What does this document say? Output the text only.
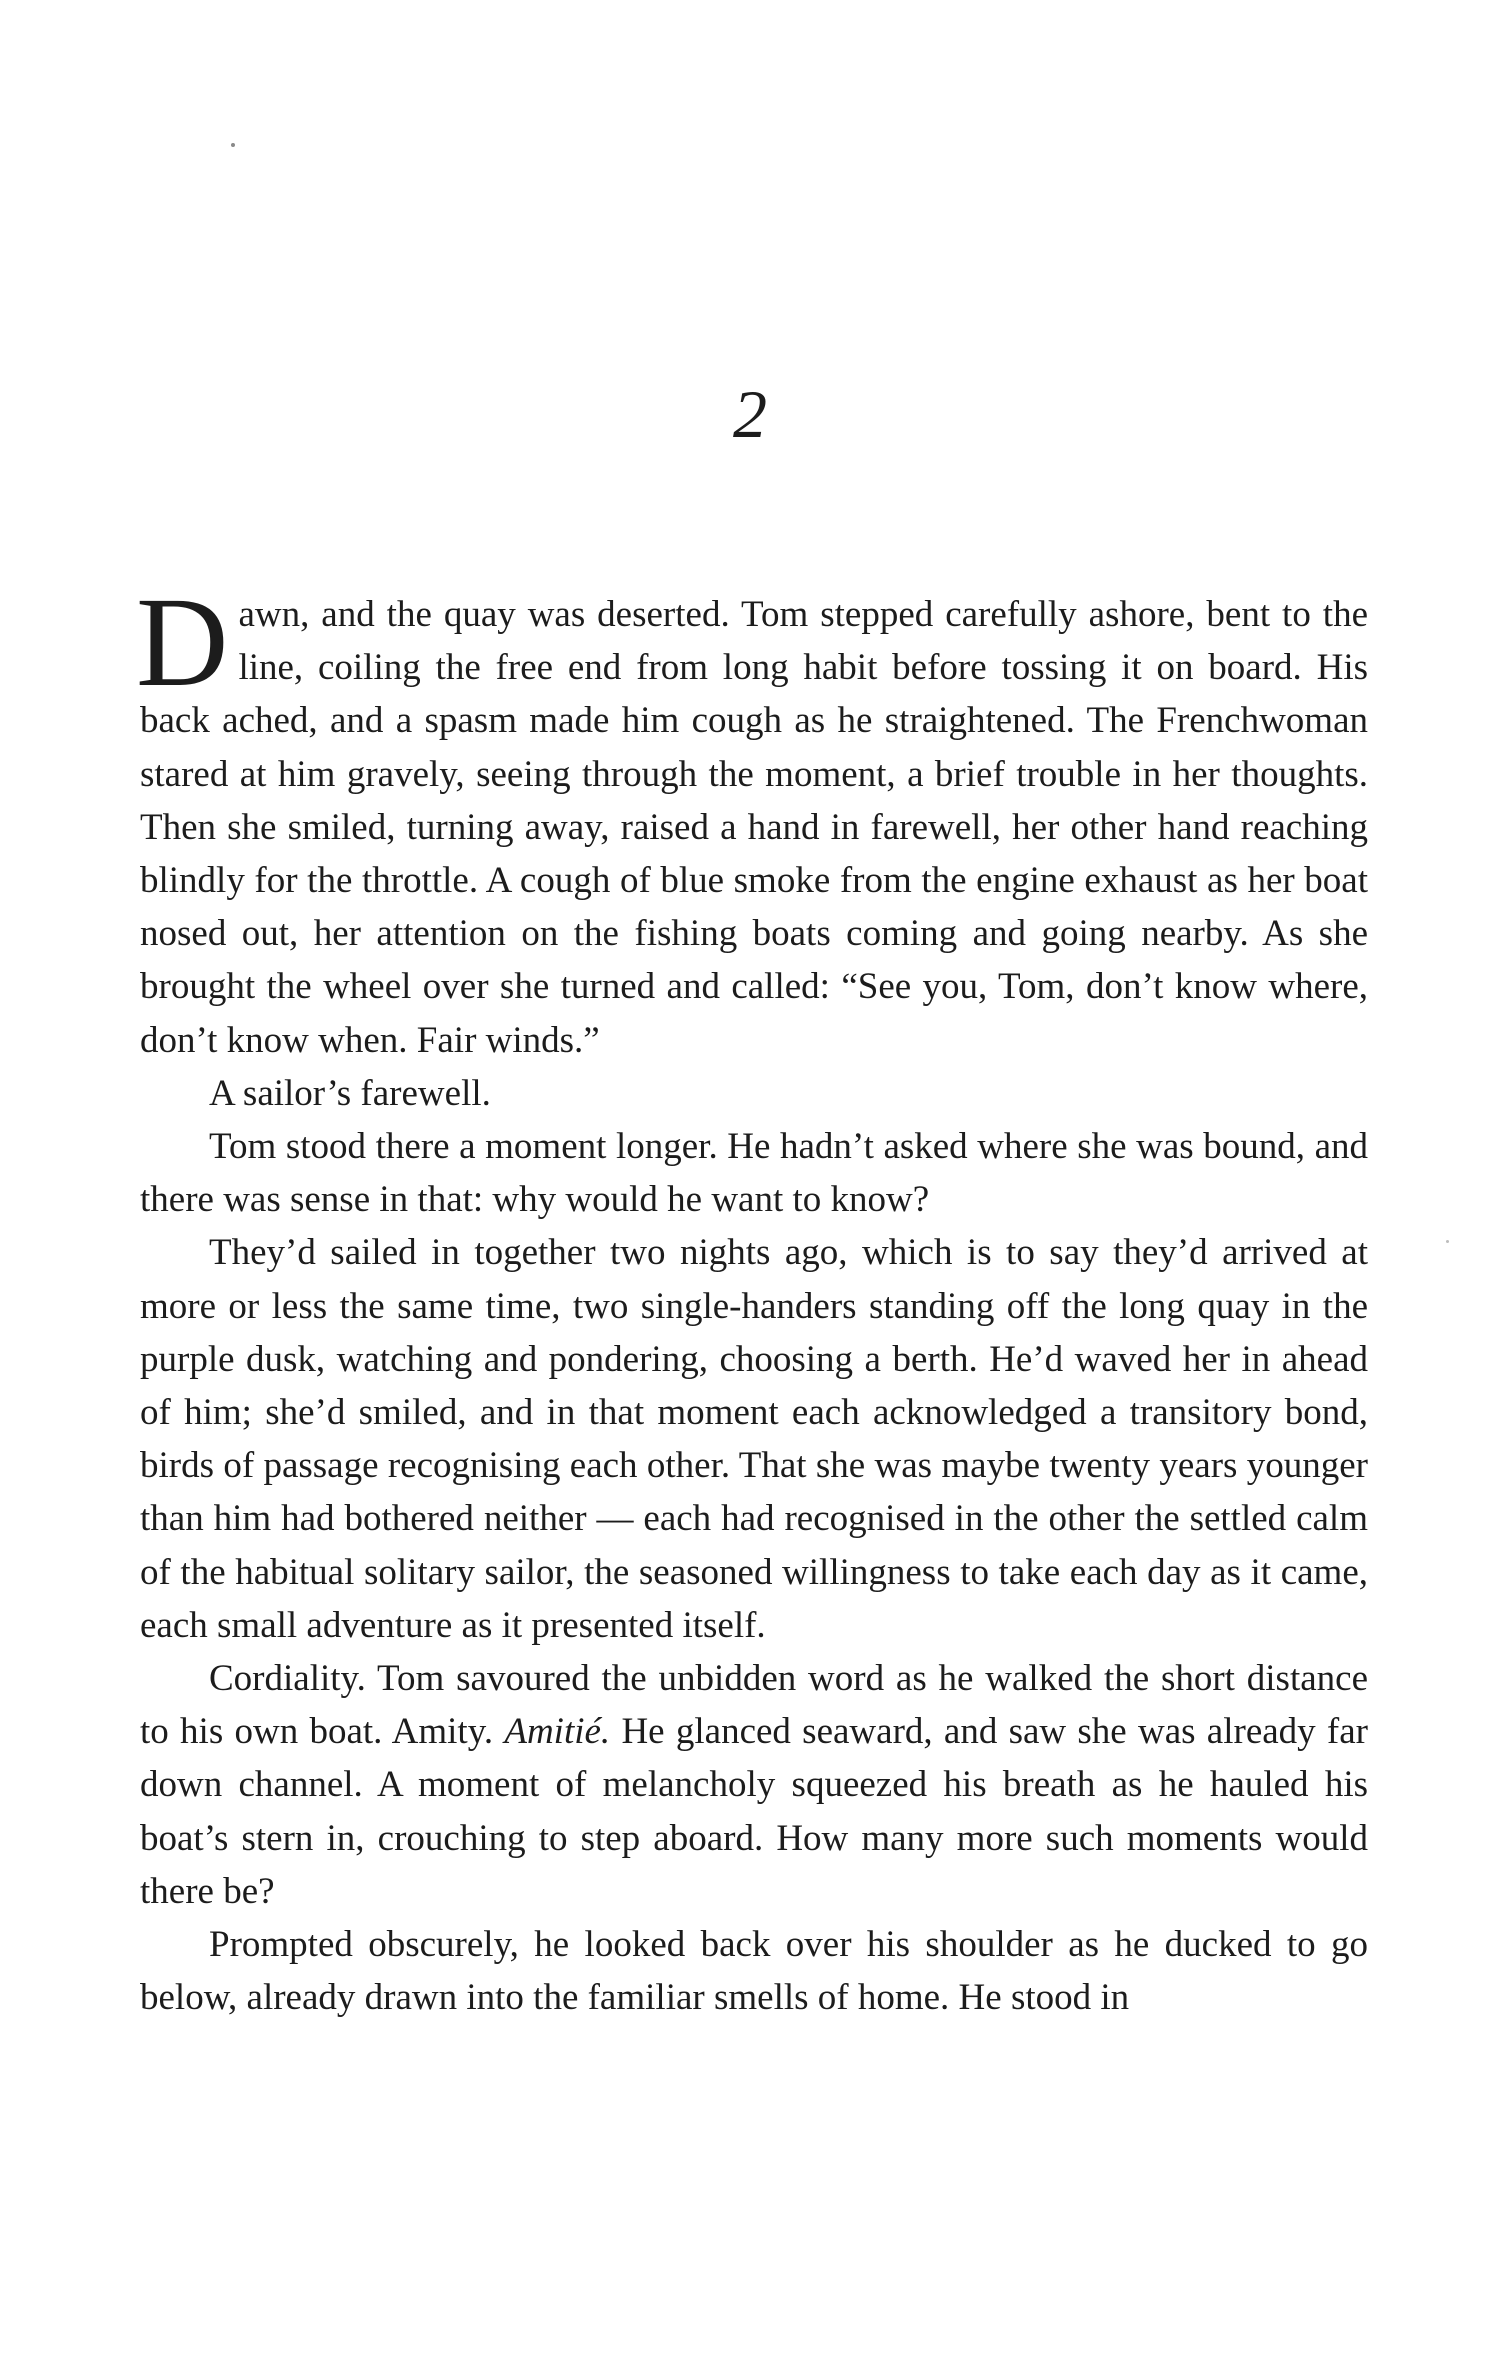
2

Dawn, and the quay was deserted. Tom stepped carefully ashore, bent to the line, coiling the free end from long habit before tossing it on board. His back ached, and a spasm made him cough as he straightened. The Frenchwoman stared at him gravely, seeing through the moment, a brief trouble in her thoughts. Then she smiled, turning away, raised a hand in farewell, her other hand reaching blindly for the throttle. A cough of blue smoke from the engine exhaust as her boat nosed out, her attention on the fishing boats coming and going nearby. As she brought the wheel over she turned and called: “See you, Tom, don’t know where, don’t know when. Fair winds.”

A sailor’s farewell.

Tom stood there a moment longer. He hadn’t asked where she was bound, and there was sense in that: why would he want to know?

They’d sailed in together two nights ago, which is to say they’d arrived at more or less the same time, two single-handers standing off the long quay in the purple dusk, watching and pondering, choosing a berth. He’d waved her in ahead of him; she’d smiled, and in that moment each acknowledged a transitory bond, birds of passage recognising each other. That she was maybe twenty years younger than him had bothered neither — each had recognised in the other the settled calm of the habitual solitary sailor, the seasoned willingness to take each day as it came, each small adventure as it presented itself.

Cordiality. Tom savoured the unbidden word as he walked the short distance to his own boat. Amity. Amitié. He glanced seaward, and saw she was already far down channel. A moment of melancholy squeezed his breath as he hauled his boat’s stern in, crouching to step aboard. How many more such moments would there be?

Prompted obscurely, he looked back over his shoulder as he ducked to go below, already drawn into the familiar smells of home. He stood in
